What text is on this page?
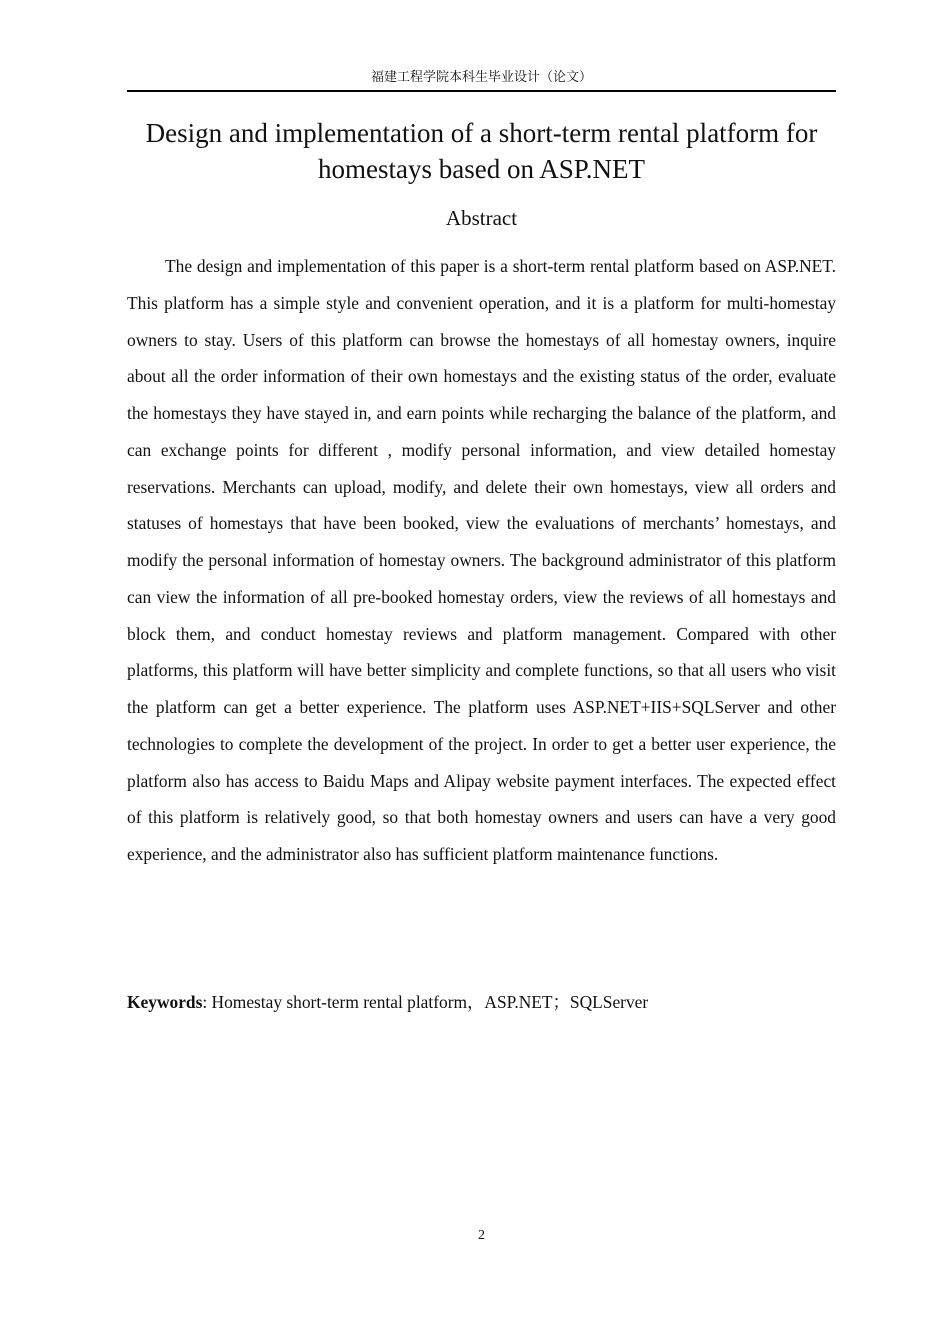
福建工程学院本科生毕业设计（论文）
Design and implementation of a short-term rental platform for homestays based on ASP.NET
Abstract

The design and implementation of this paper is a short-term rental platform based on ASP.NET. This platform has a simple style and convenient operation, and it is a platform for multi-homestay owners to stay. Users of this platform can browse the homestays of all homestay owners, inquire about all the order information of their own homestays and the existing status of the order, evaluate the homestays they have stayed in, and earn points while recharging the balance of the platform, and can exchange points for different , modify personal information, and view detailed homestay reservations. Merchants can upload, modify, and delete their own homestays, view all orders and statuses of homestays that have been booked, view the evaluations of merchants’ homestays, and modify the personal information of homestay owners. The background administrator of this platform can view the information of all pre-booked homestay orders, view the reviews of all homestays and block them, and conduct homestay reviews and platform management. Compared with other platforms, this platform will have better simplicity and complete functions, so that all users who visit the platform can get a better experience. The platform uses ASP.NET+IIS+SQLServer and other technologies to complete the development of the project. In order to get a better user experience, the platform also has access to Baidu Maps and Alipay website payment interfaces. The expected effect of this platform is relatively good, so that both homestay owners and users can have a very good experience, and the administrator also has sufficient platform maintenance functions.

Keywords: Homestay short-term rental platform，ASP.NET；SQLServer

2
